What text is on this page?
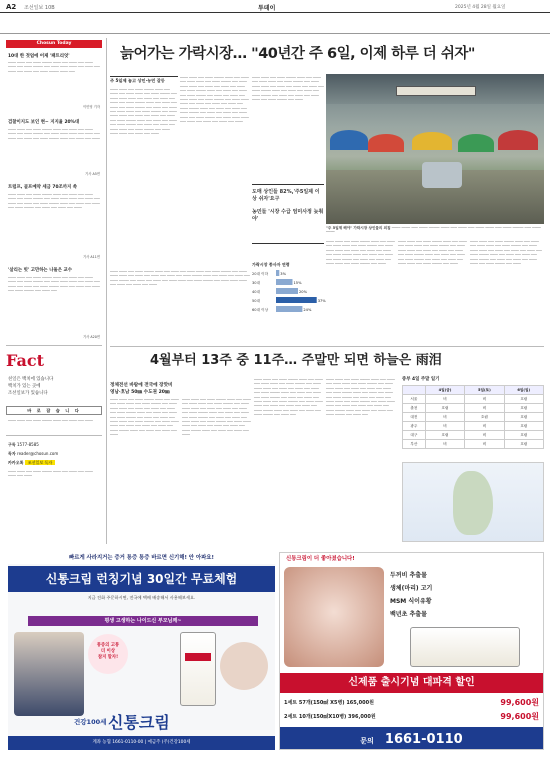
A2 조선일보 10B	투데이	2025년 4월 28일 월요일
Chosun Today
10대 한 젓엄에 어제 '패트리엇'
──── ──── ─── ──── ───── ──── ─── ──── ─── ──── ──── ─── ──── ───── ─── ──── ──── ──── ─── ──── ─── ──── ─── ──── ─── ──── ───── ──── ───
이민영 기자
검찰이지도 보인 현~ 지지율 20%대
──── ──── ─── ──── ───── ──── ─── ──── ─── ──── ──── ─── ──── ───── ─── ──── ──── ──── ─── ──── ─── ──── ─── ──── ─── ──── ───── ──── ─── ──── ─── ────
기사 A5면
트럼프, 골프예약 세금 70조까지 쏙
──── ──── ─── ──── ───── ──── ─── ──── ─── ──── ──── ─── ──── ───── ─── ──── ──── ──── ─── ──── ─── ──── ─── ──── ─── ──── ───── ──── ─── ──── ─── ──── ─── ──── ───── ─── ──── ─── ──── ─── ────
기사 A11면
'살리는 빗' 고만하는 나돌은 교수
──── ──── ─── ──── ───── ──── ─── ──── ─── ──── ──── ─── ──── ───── ─── ──── ──── ──── ─── ──── ─── ──── ─── ──── ─── ──── ───── ──── ─── ──── ─── ──── ─── ──── ───── ─── ──── ───
기사 A20면
Fact
친일은 백치에 있습니다
백치가 있는 곳에
조선일보가 있습니다
바 로 잡 습 니 다
──── ──── ─── ──── ───── ──── ─── ──── ─── ────
구독 1577-8585
독자 reader@chosun.com
카카오톡 조선일보 독자
──── ──── ─── ──── ───── ──── ─── ──── ─── ──── ──── ─── ────
늙어가는 가락시장… "40년간 주 6일, 이제 하루 더 쉬자"
주 5일제 놓고 상인·농민 갈등
──── ──── ─── ──── ───── ──── ─── ──── ─── ──── ──── ─── ──── ───── ─── ──── ──── ──── ─── ──── ─── ──── ─── ──── ─── ──── ───── ──── ─── ──── ─── ──── ─── ──── ───── ─── ──── ─── ──── ─── ──── ──── ─── ──── ───── ─── ──── ──── ──── ─── ──── ─── ──── ─── ──── ─── ──── ───── ──── ─── ──── ─── ──── ─── ──── ───── ─── ──── ─── ──── ─── ──── ──── ─── ──── ───── ─── ──── ──── ──── ─── ──── ─── ────
──── ──── ─── ──── ───── ──── ─── ──── ─── ──── ──── ─── ──── ───── ─── ──── ──── ──── ─── ──── ─── ──── ─── ──── ─── ──── ───── ──── ─── ──── ─── ──── ─── ──── ───── ─── ──── ─── ──── ─── ──── ──── ─── ──── ───── ─── ──── ──── ──── ─── ──── ─── ──── ─── ──── ─── ──── ───── ──── ─── ──── ─── ──── ─── ──── ───── ─── ──── ─── ──── ─── ──── ──── ─── ──── ───── ─── ──── ──── ──── ─── ──── ─── ──── ─── ──── ─── ────
──── ──── ─── ──── ───── ──── ─── ──── ─── ──── ──── ─── ──── ───── ─── ──── ──── ──── ─── ──── ─── ──── ─── ──── ─── ──── ───── ──── ─── ──── ─── ──── ─── ──── ───── ─── ──── ─── ──── ─── ──── ──── ─── ──── ───── ─── ────
"주 5일제 해야" 가락시장 상인들의 외침 ──── ──── ─── ──── ───── ──── ─── ──── ─── ──── ──── ─── ──── ───── ─── ──── ────
도매 상인들 82%,'주5일제 이상 쉬자'요구
농민들 '시장 수급 엄미사정 늦춰야'
가락시장 종사자 연령
20대 이하	3%
30대	15%
40대	20%
50대	37%
60대 이상	24%
──── ──── ─── ──── ───── ──── ─── ──── ─── ──── ──── ─── ──── ───── ─── ──── ──── ──── ─── ──── ─── ──── ─── ──── ─── ──── ───── ──── ─── ──── ─── ──── ─── ──── ───── ─── ──── ─── ──── ─── ──── ──── ─── ──── ───── ─── ────
──── ──── ─── ──── ───── ──── ─── ──── ─── ──── ──── ─── ──── ───── ─── ──── ──── ──── ─── ──── ─── ──── ─── ──── ─── ──── ───── ──── ─── ──── ─── ──── ─── ──── ───── ─── ──── ─── ──── ─── ──── ──── ─── ──── ───── ─── ────
──── ──── ─── ──── ───── ──── ─── ──── ─── ──── ──── ─── ──── ───── ─── ──── ──── ──── ─── ──── ─── ──── ─── ──── ─── ──── ───── ──── ─── ──── ─── ──── ─── ──── ───── ─── ──── ─── ──── ─── ──── ──── ─── ──── ───── ─── ────
──── ──── ─── ──── ───── ──── ─── ──── ─── ──── ──── ─── ──── ───── ─── ──── ──── ──── ─── ──── ─── ──── ─── ──── ─── ──── ───── ──── ─── ──── ─── ──── ─── ──── ───── ─── ──── ─── ──── ─── ──── ──── ─── ──── ───── ─── ──── ──── ──── ─── ──── ─── ──── ─── ────
4월부터 13주 중 11주… 주말만 되면 하늘은 雨泪
정체전선 바람에 전국에 장맛비
영남·호남 50㎜ 수도권 20㎜
──── ──── ─── ──── ───── ──── ─── ──── ─── ──── ──── ─── ──── ───── ─── ──── ──── ──── ─── ──── ─── ──── ─── ──── ─── ──── ───── ──── ─── ──── ─── ──── ─── ──── ───── ─── ──── ─── ──── ─── ──── ──── ─── ──── ───── ─── ──── ──── ──── ─── ──── ─── ──── ─── ──── ─── ──── ───── ──── ─── ──── ─── ──── ─── ────
──── ──── ─── ──── ───── ──── ─── ──── ─── ──── ──── ─── ──── ───── ─── ──── ──── ──── ─── ──── ─── ──── ─── ──── ─── ──── ───── ──── ─── ──── ─── ──── ─── ──── ───── ─── ──── ─── ──── ─── ──── ──── ─── ──── ───── ─── ──── ──── ──── ─── ──── ─── ──── ─── ──── ─── ──── ───── ──── ─── ──── ─── ──── ─── ────
──── ──── ─── ──── ───── ──── ─── ──── ─── ──── ──── ─── ──── ───── ─── ──── ──── ──── ─── ──── ─── ──── ─── ──── ─── ──── ───── ──── ─── ──── ─── ──── ─── ──── ───── ─── ──── ─── ──── ─── ──── ──── ─── ──── ───── ─── ──── ──── ──── ─── ──── ─── ──── ─── ──── ─── ──── ───── ──── ─── ──── ─── ──── ─── ──── ───── ─── ──── ───
──── ──── ─── ──── ───── ──── ─── ──── ─── ──── ──── ─── ──── ───── ─── ──── ──── ──── ─── ──── ─── ──── ─── ──── ─── ──── ───── ──── ─── ──── ─── ──── ─── ──── ───── ─── ──── ─── ──── ─── ──── ──── ─── ──── ───── ─── ──── ──── ──── ─── ──── ─── ──── ─── ──── ─── ──── ───── ──── ─── ──── ─── ──── ─── ──── ───── ─── ──── ───
중부 4일 주말 일기
	4일(금)	5일(토)	6일(일)
서울	비	비	흐림
춘천	흐림	비	흐림
대전	비	흐림	흐림
광주	비	비	흐림
대구	흐림	비	흐림
부산	비	비	흐림
빠르게 사라지거는 증거 통증 통증 바르면 신기해! 안 아파요!
신통크림 런칭기념 30일간 무료체험
지금 전화 주문하시면, 전국에 택배 배송해서 사용해보세요.
평생 고생하는 나이드신 부모님께~
통증의 고통
더 이상
참지 말자!
건강100세 신통크림
계좌 농협 1661-0110-00 | 예금주 (주)건강100세
신통크림이 더 좋아졌습니다!
두꺼비 추출물
생체(마리) 고기
MSM 식이유황
백년초 추출물
신제품 출시기념 대파격 할인
1세트 57개(150㎖ X5병) 165,000원	99,600원
2세트 10개(150㎖X10병) 396,000원	99,600원
문의 1661-0110
